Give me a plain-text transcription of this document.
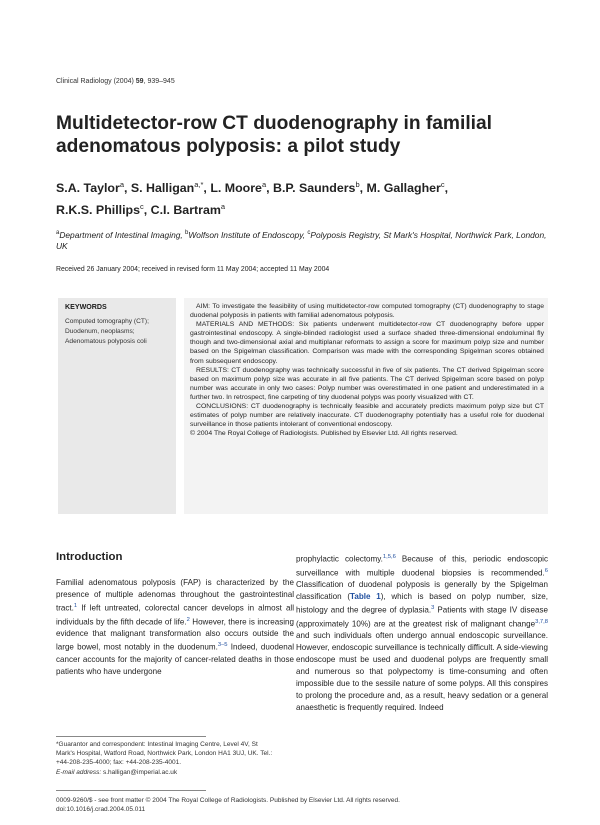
Clinical Radiology (2004) 59, 939–945
Multidetector-row CT duodenography in familial adenomatous polyposis: a pilot study
S.A. Taylor$^a$, S. Halligan$^{a,*}$, L. Moore$^a$, B.P. Saunders$^b$, M. Gallagher$^c$,
R.K.S. Phillips$^c$, C.I. Bartram$^a$
$^a$Department of Intestinal Imaging, $^b$Wolfson Institute of Endoscopy, $^c$Polyposis Registry, St Mark's Hospital, Northwick Park, London, UK
Received 26 January 2004; received in revised form 11 May 2004; accepted 11 May 2004
KEYWORDS
Computed tomography (CT); Duodenum, neoplasms; Adenomatous polyposis coli

AIM: To investigate the feasibility of using multidetector-row computed tomography (CT) duodenography to stage duodenal polyposis in patients with familial adenomatous polyposis.

MATERIALS AND METHODS: Six patients underwent multidetector-row CT duodenography before upper gastrointestinal endoscopy. A single-blinded radiologist used a surface shaded three-dimensional endoluminal fly though and two-dimensional axial and multiplanar reformats to assign a score for maximum polyp size and number based on the Spigelman classification. Comparison was made with the corresponding Spigelman scores obtained from subsequent endoscopy.

RESULTS: CT duodenography was technically successful in five of six patients. The CT derived Spigelman score based on maximum polyp size was accurate in all five patients. The CT derived Spigelman score based on polyp number was accurate in only two cases: Polyp number was overestimated in one patient and underestimated in a further two. In retrospect, fine carpeting of tiny duodenal polyps was poorly visualized with CT.

CONCLUSIONS: CT duodenography is technically feasible and accurately predicts maximum polyp size but CT estimates of polyp number are relatively inaccurate. CT duodenography potentially has a useful role for duodenal surveillance in those patients intolerant of conventional endoscopy.

© 2004 The Royal College of Radiologists. Published by Elsevier Ltd. All rights reserved.

Introduction

Familial adenomatous polyposis (FAP) is characterized by the presence of multiple adenomas throughout the gastrointestinal tract.$^1$ If left untreated, colorectal cancer develops in almost all individuals by the fifth decade of life.$^2$ However, there is increasing evidence that malignant transformation also occurs outside the large bowel, most notably in the duodenum.$^{3-5}$ Indeed, duodenal cancer accounts for the majority of cancer-related deaths in those patients who have undergone

prophylactic colectomy.$^{1,5,6}$ Because of this, periodic endoscopic surveillance with multiple duodenal biopsies is recommended.$^6$ Classification of duodenal polyposis is generally by the Spigelman classification (Table 1), which is based on polyp number, size, histology and the degree of dyplasia.$^3$ Patients with stage IV disease (approximately 10%) are at the greatest risk of malignant change$^{3,7,8}$ and such individuals often undergo annual endoscopic surveillance. However, endoscopic surveillance is technically difficult. A side-viewing endoscope must be used and duodenal polyps are frequently small and numerous so that polypectomy is time-consuming and often impossible due to the sessile nature of some polyps. All this conspires to prolong the procedure and, as a result, heavy sedation or a general anaesthetic is frequently required. Indeed

*Guarantor and correspondent: Intestinal Imaging Centre, Level 4V, St Mark's Hospital, Watford Road, Northwick Park, London HA1 3UJ, UK. Tel.: +44-208-235-4000; fax: +44-208-235-4001.
E-mail address: s.halligan@imperial.ac.uk
0009-9260/$ - see front matter © 2004 The Royal College of Radiologists. Published by Elsevier Ltd. All rights reserved.
doi:10.1016/j.crad.2004.05.011
